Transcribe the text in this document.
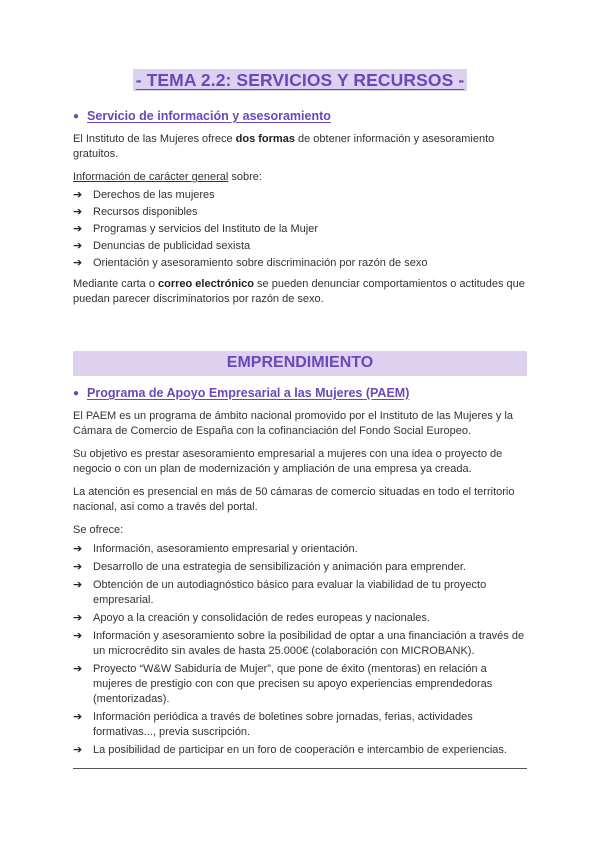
- TEMA 2.2: SERVICIOS Y RECURSOS -
● Servicio de información y asesoramiento

El Instituto de las Mujeres ofrece dos formas de obtener información y asesoramiento gratuitos.

Información de carácter general sobre:

➔ Derechos de las mujeres
➔ Recursos disponibles
➔ Programas y servicios del Instituto de la Mujer
➔ Denuncias de publicidad sexista
➔ Orientación y asesoramiento sobre discriminación por razón de sexo

Mediante carta o correo electrónico se pueden denunciar comportamientos o actitudes que puedan parecer discriminatorios por razón de sexo.

EMPRENDIMIENTO
● Programa de Apoyo Empresarial a las Mujeres (PAEM)

El PAEM es un programa de ámbito nacional promovido por el Instituto de las Mujeres y la Cámara de Comercio de España con la cofinanciación del Fondo Social Europeo.

Su objetivo es prestar asesoramiento empresarial a mujeres con una idea o proyecto de negocio o con un plan de modernización y ampliación de una empresa ya creada.

La atención es presencial en más de 50 cámaras de comercio situadas en todo el territorio nacional, asi como a través del portal.

Se ofrece:

➔ Información, asesoramiento empresarial y orientación.
➔ Desarrollo de una estrategia de sensibilización y animación para emprender.
➔ Obtención de un autodiagnóstico básico para evaluar la viabilidad de tu proyecto empresarial.
➔ Apoyo a la creación y consolidación de redes europeas y nacionales.
➔ Información y asesoramiento sobre la posibilidad de optar a una financiación a través de un microcrédito sin avales de hasta 25.000€ (colaboración con MICROBANK).
➔ Proyecto “W&W Sabiduría de Mujer”, que pone de éxito (mentoras) en relación a mujeres de prestigio con con que precisen su apoyo experiencias emprendedoras (mentorizadas).
➔ Información periódica a través de boletines sobre jornadas, ferias, actividades formativas..., previa suscripción.
➔ La posibilidad de participar en un foro de cooperación e intercambio de experiencias.
